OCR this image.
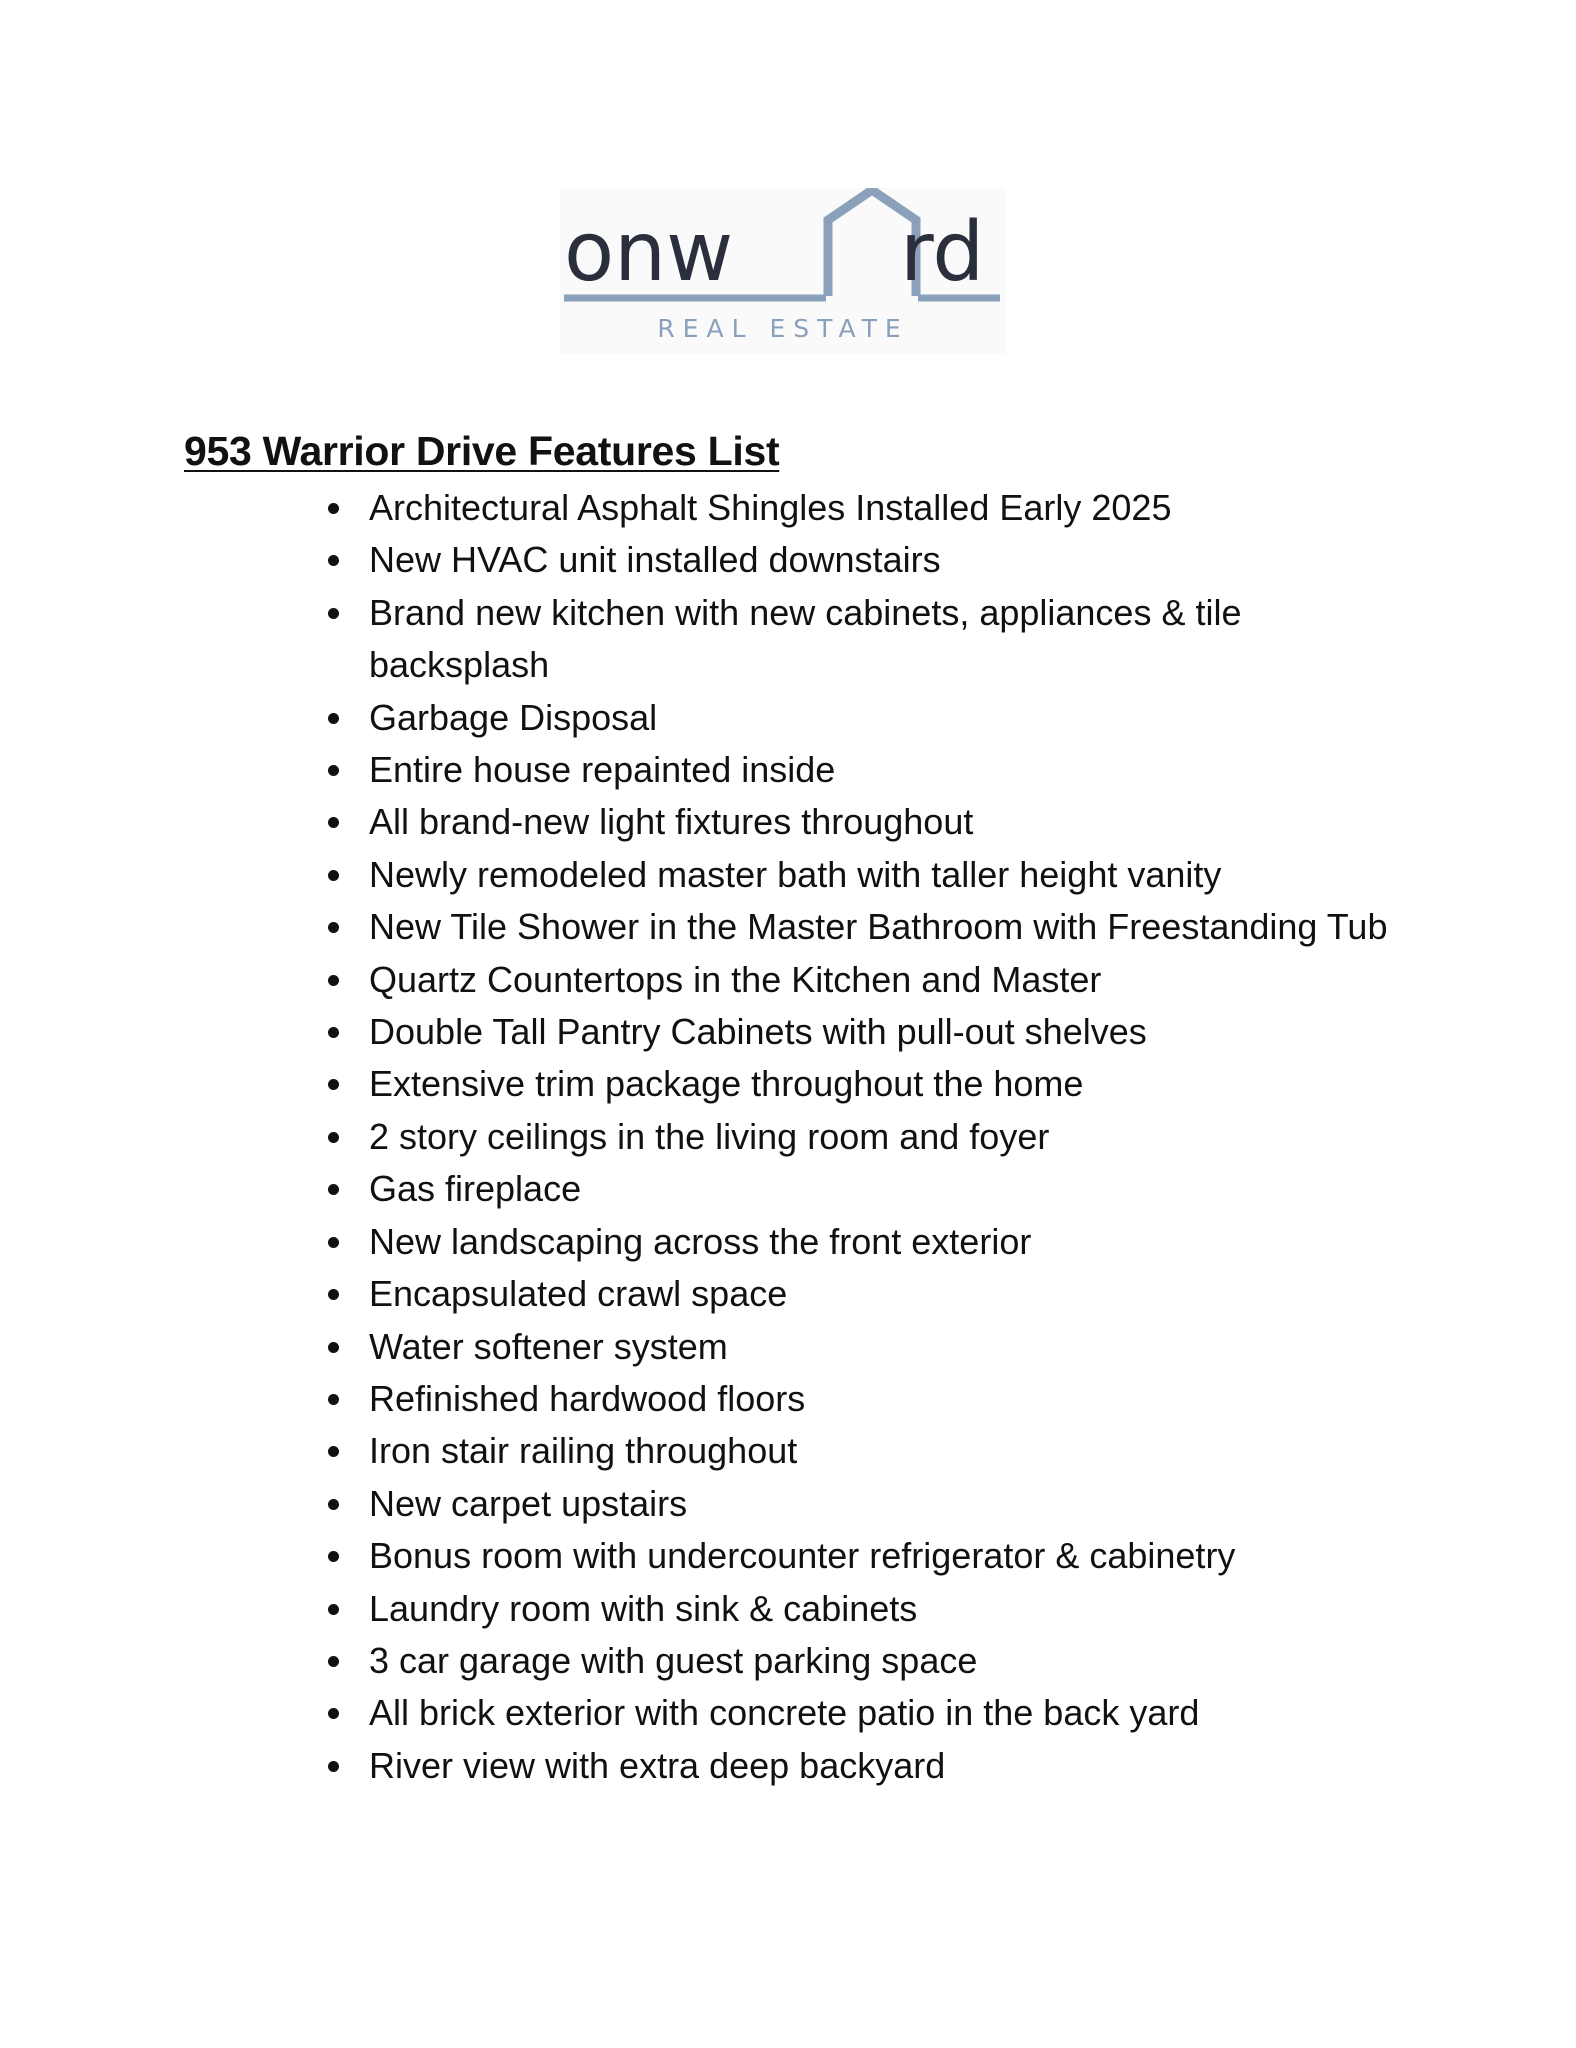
onw rd
REAL ESTATE
953 Warrior Drive Features List
Architectural Asphalt Shingles Installed Early 2025
New HVAC unit installed downstairs
Brand new kitchen with new cabinets, appliances & tile backsplash
Garbage Disposal
Entire house repainted inside
All brand-new light fixtures throughout
Newly remodeled master bath with taller height vanity
New Tile Shower in the Master Bathroom with Freestanding Tub
Quartz Countertops in the Kitchen and Master
Double Tall Pantry Cabinets with pull-out shelves
Extensive trim package throughout the home
2 story ceilings in the living room and foyer
Gas fireplace
New landscaping across the front exterior
Encapsulated crawl space
Water softener system
Refinished hardwood floors
Iron stair railing throughout
New carpet upstairs
Bonus room with undercounter refrigerator & cabinetry
Laundry room with sink & cabinets
3 car garage with guest parking space
All brick exterior with concrete patio in the back yard
River view with extra deep backyard
